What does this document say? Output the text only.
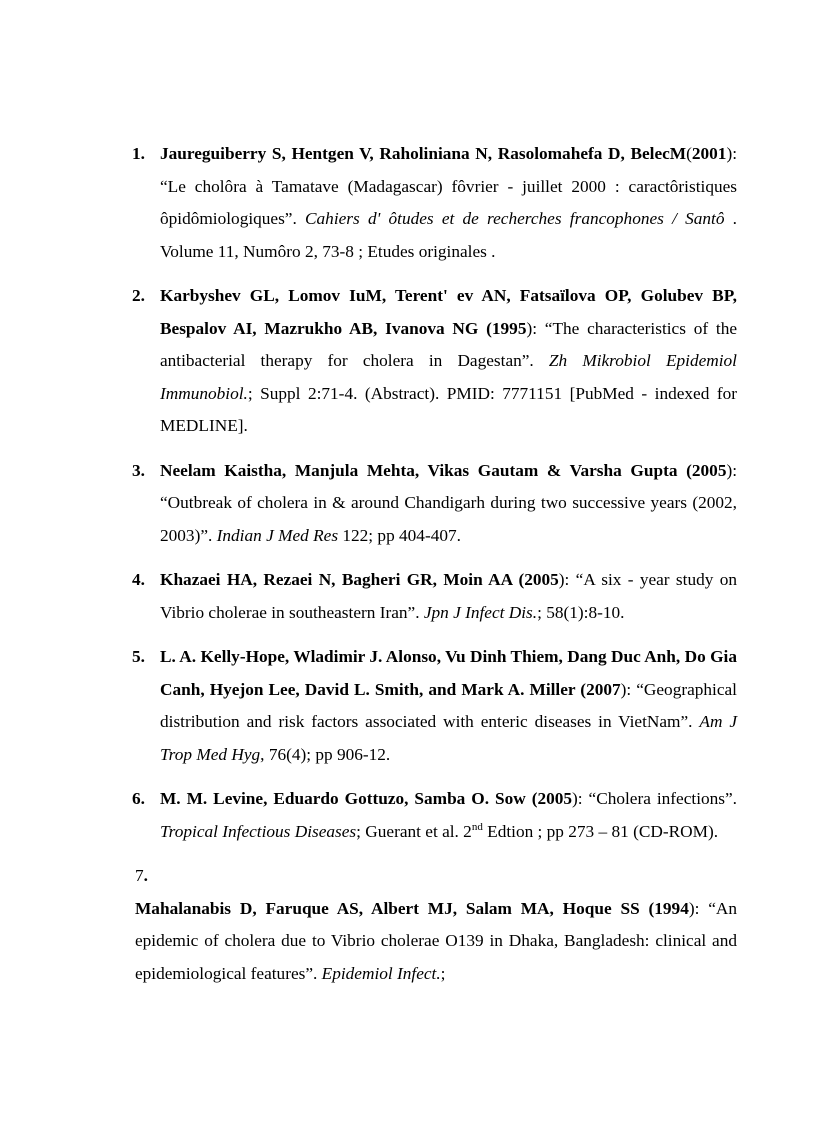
1. Jaureguiberry S, Hentgen V, Raholiniana N, Rasolomahefa D, BelecM(2001): “Le cholôra à Tamatave (Madagascar) fôvrier - juillet 2000 : caractôristiques ôpidômiologiques”. Cahiers d' ôtudes et de recherches francophones / Santô . Volume 11, Numôro 2, 73-8 ; Etudes originales .
2. Karbyshev GL, Lomov IuM, Terent' ev AN, Fatsaïlova OP, Golubev BP, Bespalov AI, Mazrukho AB, Ivanova NG (1995): “The characteristics of the antibacterial therapy for cholera in Dagestan”. Zh Mikrobiol Epidemiol Immunobiol.; Suppl 2:71-4. (Abstract). PMID: 7771151 [PubMed - indexed for MEDLINE].
3. Neelam Kaistha, Manjula Mehta, Vikas Gautam & Varsha Gupta (2005): “Outbreak of cholera in & around Chandigarh during two successive years (2002, 2003)”. Indian J Med Res 122; pp 404-407.
4. Khazaei HA, Rezaei N, Bagheri GR, Moin AA (2005): “A six - year study on Vibrio cholerae in southeastern Iran”. Jpn J Infect Dis.; 58(1):8-10.
5. L. A. Kelly-Hope, Wladimir J. Alonso, Vu Dinh Thiem, Dang Duc Anh, Do Gia Canh, Hyejon Lee, David L. Smith, and Mark A. Miller (2007): “Geographical distribution and risk factors associated with enteric diseases in VietNam”. Am J Trop Med Hyg, 76(4); pp 906-12.
6. M. M. Levine, Eduardo Gottuzo, Samba O. Sow (2005): “Cholera infections”. Tropical Infectious Diseases; Guerant et al. 2nd Edtion ; pp 273 – 81 (CD-ROM).
7.
Mahalanabis D, Faruque AS, Albert MJ, Salam MA, Hoque SS (1994): “An epidemic of cholera due to Vibrio cholerae O139 in Dhaka, Bangladesh: clinical and epidemiological features”. Epidemiol Infect.;
